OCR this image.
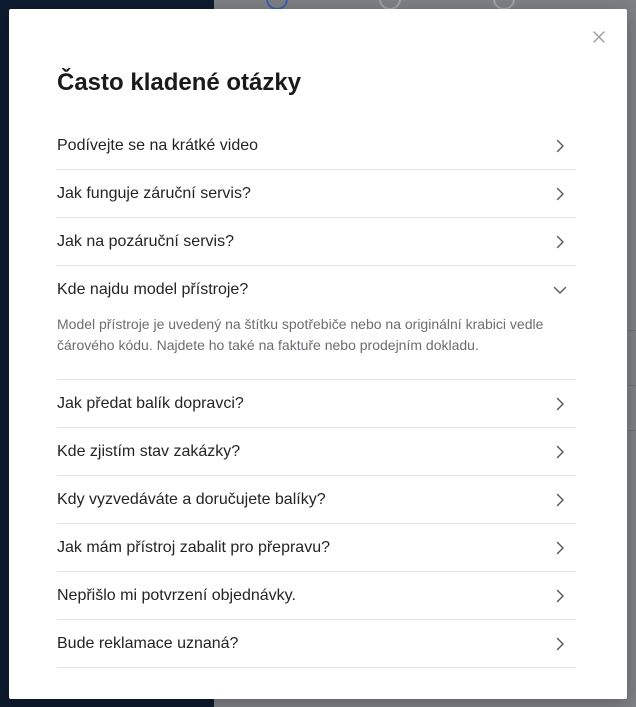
Často kladené otázky
Podívejte se na krátké video
Jak funguje záruční servis?
Jak na pozáruční servis?
Kde najdu model přístroje?

Model přístroje je uvedený na štítku spotřebiče nebo na originální krabici vedle čárového kódu. Najdete ho také na faktuře nebo prodejním dokladu.

Jak předat balík dopravci?
Kde zjistím stav zakázky?
Kdy vyzvedáváte a doručujete balíky?
Jak mám přístroj zabalit pro přepravu?
Nepřišlo mi potvrzení objednávky.
Bude reklamace uznaná?
